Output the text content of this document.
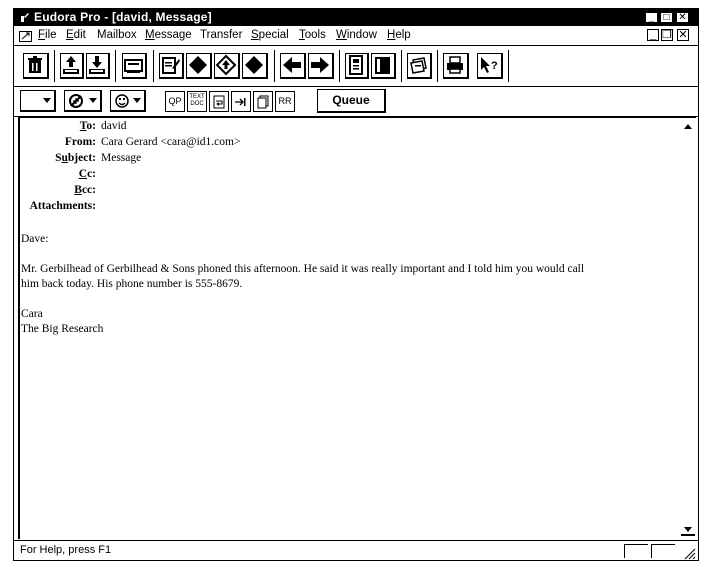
Eudora Pro - [david, Message]	_ □ ✕
File Edit Mailbox Message Transfer Special Tools Window Help	_ ❐ ✕
?
QP	TEXT
DOC	RR	Queue
To: david
From: Cara Gerard <cara@id1.com>
Subject: Message
Cc:
Bcc:
Attachments:
Dave:
Mr. Gerbilhead of Gerbilhead & Sons phoned this afternoon. He said it was really important and I told him you would call
him back today. His phone number is 555-8679.
Cara
The Big Research
For Help, press F1
